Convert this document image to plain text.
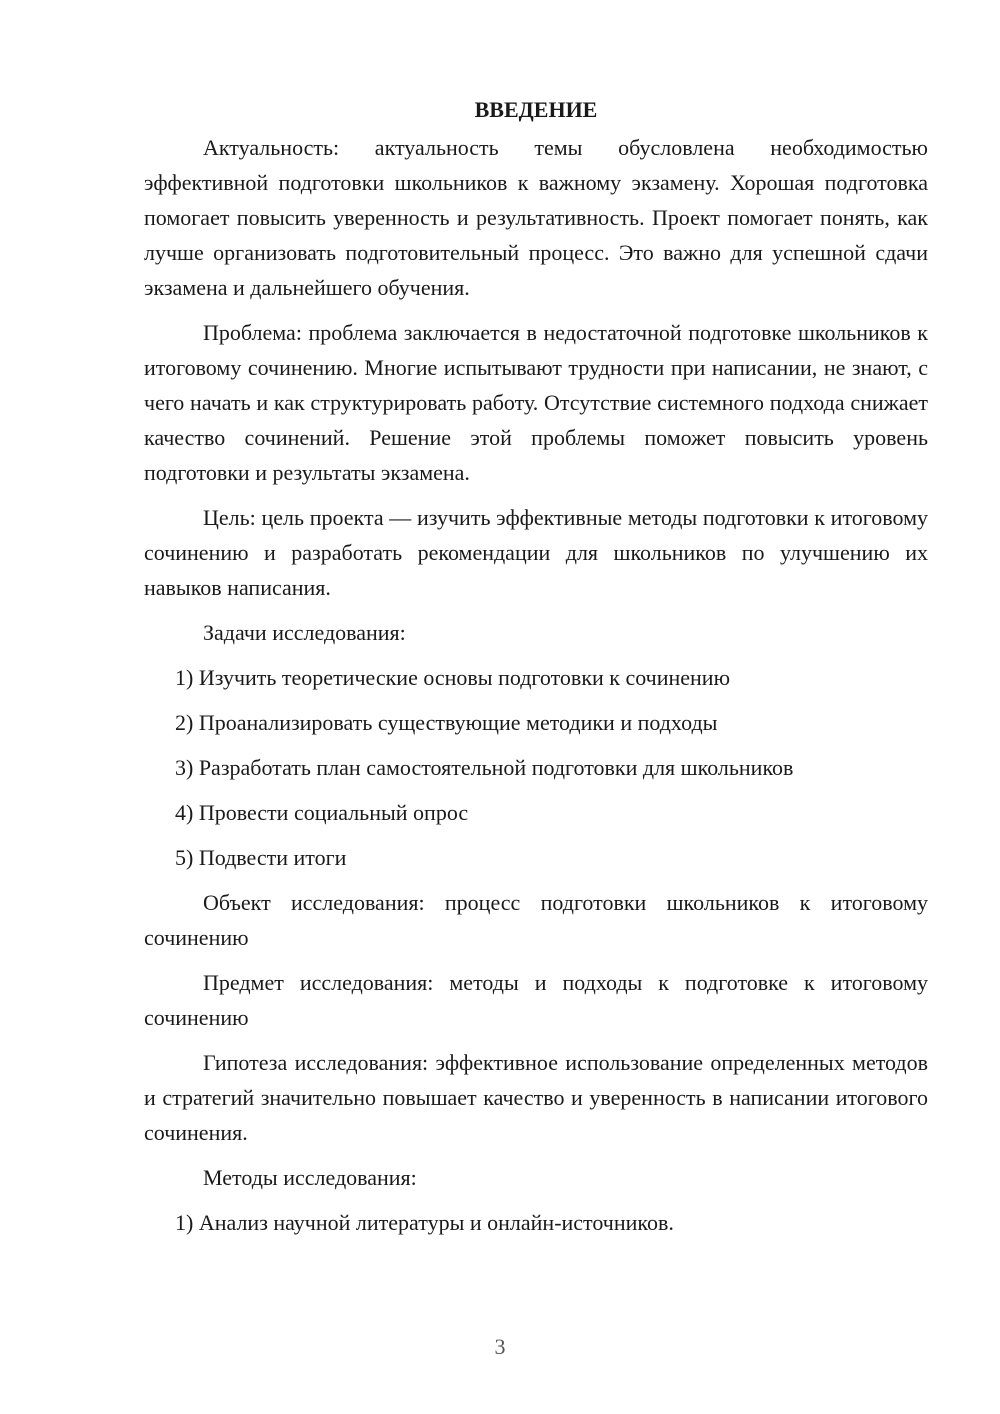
ВВЕДЕНИЕ

Актуальность: актуальность темы обусловлена необходимостью эффективной подготовки школьников к важному экзамену. Хорошая подготовка помогает повысить уверенность и результативность. Проект помогает понять, как лучше организовать подготовительный процесс. Это важно для успешной сдачи экзамена и дальнейшего обучения.

Проблема: проблема заключается в недостаточной подготовке школьников к итоговому сочинению. Многие испытывают трудности при написании, не знают, с чего начать и как структурировать работу. Отсутствие системного подхода снижает качество сочинений. Решение этой проблемы поможет повысить уровень подготовки и результаты экзамена.

Цель: цель проекта — изучить эффективные методы подготовки к итоговому сочинению и разработать рекомендации для школьников по улучшению их навыков написания.

Задачи исследования:

1) Изучить теоретические основы подготовки к сочинению

2) Проанализировать существующие методики и подходы

3) Разработать план самостоятельной подготовки для школьников

4) Провести социальный опрос

5) Подвести итоги

Объект исследования: процесс подготовки школьников к итоговому сочинению

Предмет исследования: методы и подходы к подготовке к итоговому сочинению

Гипотеза исследования: эффективное использование определенных методов и стратегий значительно повышает качество и уверенность в написании итогового сочинения.

Методы исследования:

1) Анализ научной литературы и онлайн-источников.

3
